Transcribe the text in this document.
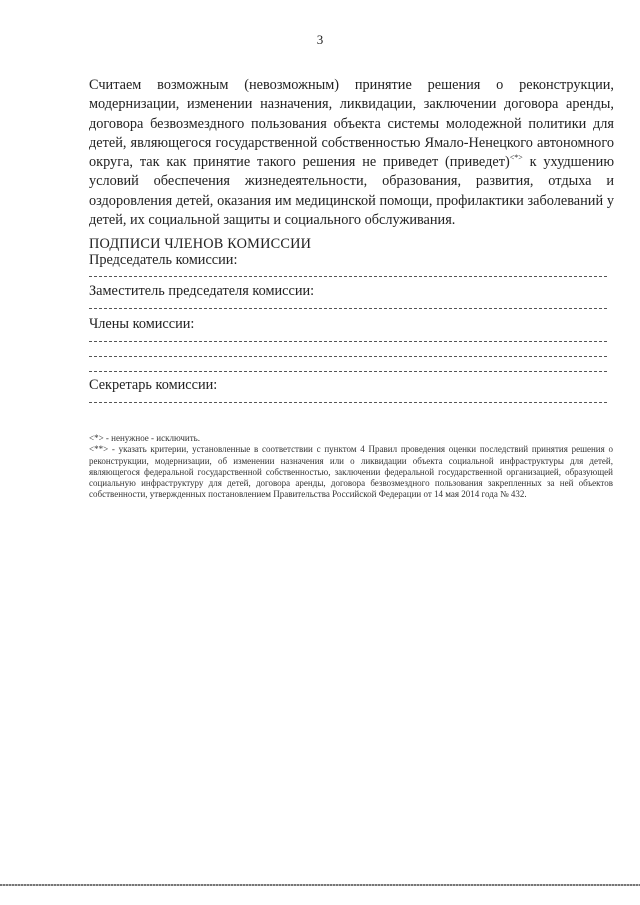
3
Считаем возможным (невозможным) принятие решения о реконструкции, модернизации, изменении назначения, ликвидации, заключении договора аренды, договора безвозмездного пользования объекта системы молодежной политики для детей, являющегося государственной собственностью Ямало-Ненецкого автономного округа, так как принятие такого решения не приведет (приведет)<*> к ухудшению условий обеспечения жизнедеятельности, образования, развития, отдыха и оздоровления детей, оказания им медицинской помощи, профилактики заболеваний у детей, их социальной защиты и социального обслуживания.
ПОДПИСИ ЧЛЕНОВ КОМИССИИ
Председатель комиссии:
Заместитель председателя комиссии:
Члены комиссии:
Секретарь комиссии:
<*> - ненужное - исключить.
<**> - указать критерии, установленные в соответствии с пунктом 4 Правил проведения оценки последствий принятия решения о реконструкции, модернизации, об изменении назначения или о ликвидации объекта социальной инфраструктуры для детей, являющегося федеральной государственной собственностью, заключении федеральной государственной организацией, образующей социальную инфраструктуру для детей, договора аренды, договора безвозмездного пользования закрепленных за ней объектов собственности, утвержденных постановлением Правительства Российской Федерации от 14 мая 2014 года № 432.
